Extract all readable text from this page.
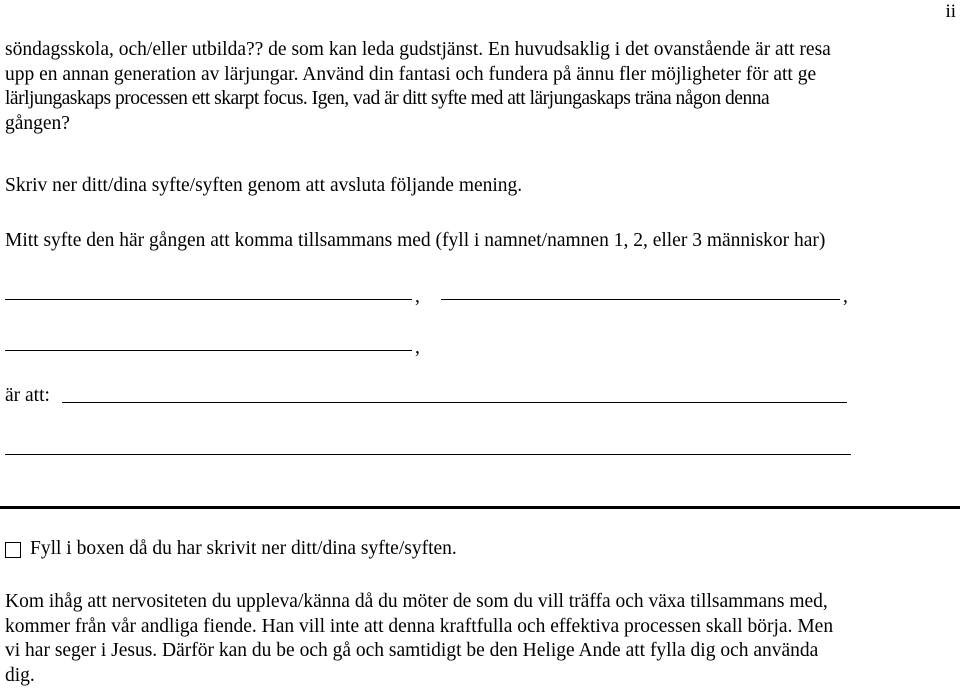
ii
söndagsskola, och/eller utbilda?? de som kan leda gudstjänst. En huvudsaklig i det ovanstående är att resa
upp en annan generation av lärjungar. Använd din fantasi och fundera på ännu fler möjligheter för att ge
lärljungaskaps processen ett skarpt focus. Igen, vad är ditt syfte med att lärjungaskaps träna någon denna
gången?
Skriv ner ditt/dina syfte/syften genom att avsluta följande mening.
Mitt syfte den här gången att komma tillsammans med (fyll i namnet/namnen 1, 2, eller 3 människor har)
,	,
,
är att:
Fyll i boxen då du har skrivit ner ditt/dina syfte/syften.
Kom ihåg att nervositeten du uppleva/känna då du möter de som du vill träffa och växa tillsammans med,
kommer från vår andliga fiende. Han vill inte att denna kraftfulla och effektiva processen skall börja. Men
vi har seger i Jesus. Därför kan du be och gå och samtidigt be den Helige Ande att fylla dig och använda
dig.
